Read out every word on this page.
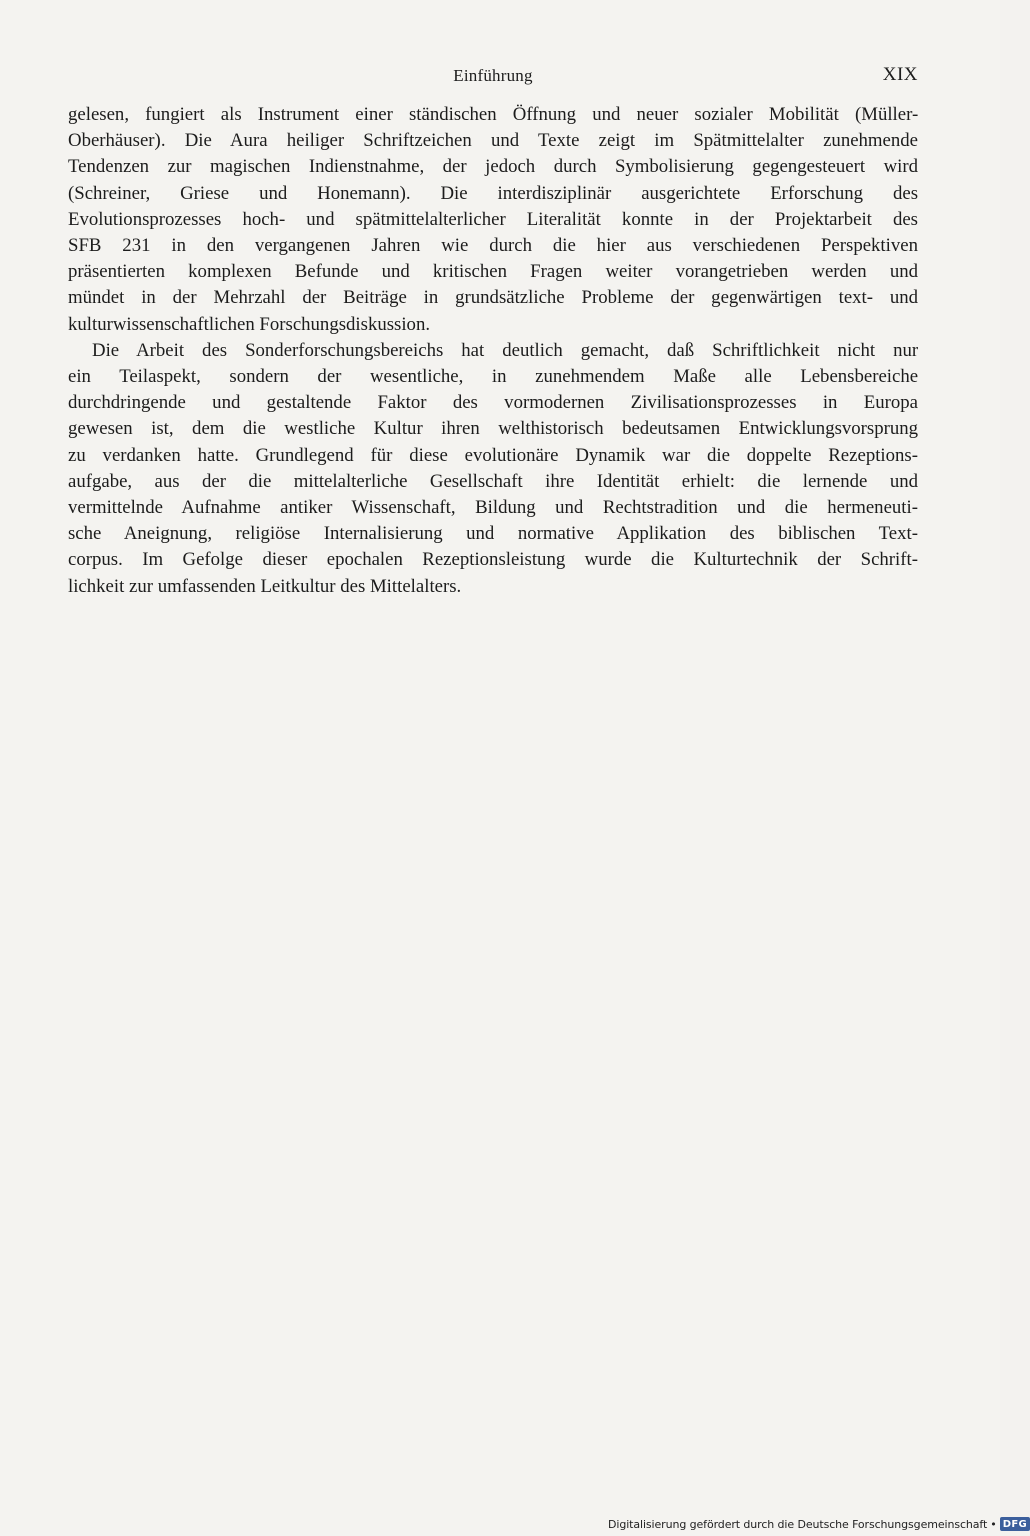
Einführung	XIX
gelesen, fungiert als Instrument einer ständischen Öffnung und neuer sozialer Mobilität (Müller-
Oberhäuser). Die Aura heiliger Schriftzeichen und Texte zeigt im Spätmittelalter zunehmende
Tendenzen zur magischen Indienstnahme, der jedoch durch Symbolisierung gegengesteuert wird
(Schreiner, Griese und Honemann). Die interdisziplinär ausgerichtete Erforschung des
Evolutionsprozesses hoch- und spätmittelalterlicher Literalität konnte in der Projektarbeit des
SFB 231 in den vergangenen Jahren wie durch die hier aus verschiedenen Perspektiven
präsentierten komplexen Befunde und kritischen Fragen weiter vorangetrieben werden und
mündet in der Mehrzahl der Beiträge in grundsätzliche Probleme der gegenwärtigen text- und
kulturwissenschaftlichen Forschungsdiskussion.
Die Arbeit des Sonderforschungsbereichs hat deutlich gemacht, daß Schriftlichkeit nicht nur
ein Teilaspekt, sondern der wesentliche, in zunehmendem Maße alle Lebensbereiche
durchdringende und gestaltende Faktor des vormodernen Zivilisationsprozesses in Europa
gewesen ist, dem die westliche Kultur ihren welthistorisch bedeutsamen Entwicklungsvorsprung
zu verdanken hatte. Grundlegend für diese evolutionäre Dynamik war die doppelte Rezeptions-
aufgabe, aus der die mittelalterliche Gesellschaft ihre Identität erhielt: die lernende und
vermittelnde Aufnahme antiker Wissenschaft, Bildung und Rechtstradition und die hermeneuti-
sche Aneignung, religiöse Internalisierung und normative Applikation des biblischen Text-
corpus. Im Gefolge dieser epochalen Rezeptionsleistung wurde die Kulturtechnik der Schrift-
lichkeit zur umfassenden Leitkultur des Mittelalters.
Digitalisierung gefördert durch die Deutsche Forschungsgemeinschaft • DFG
